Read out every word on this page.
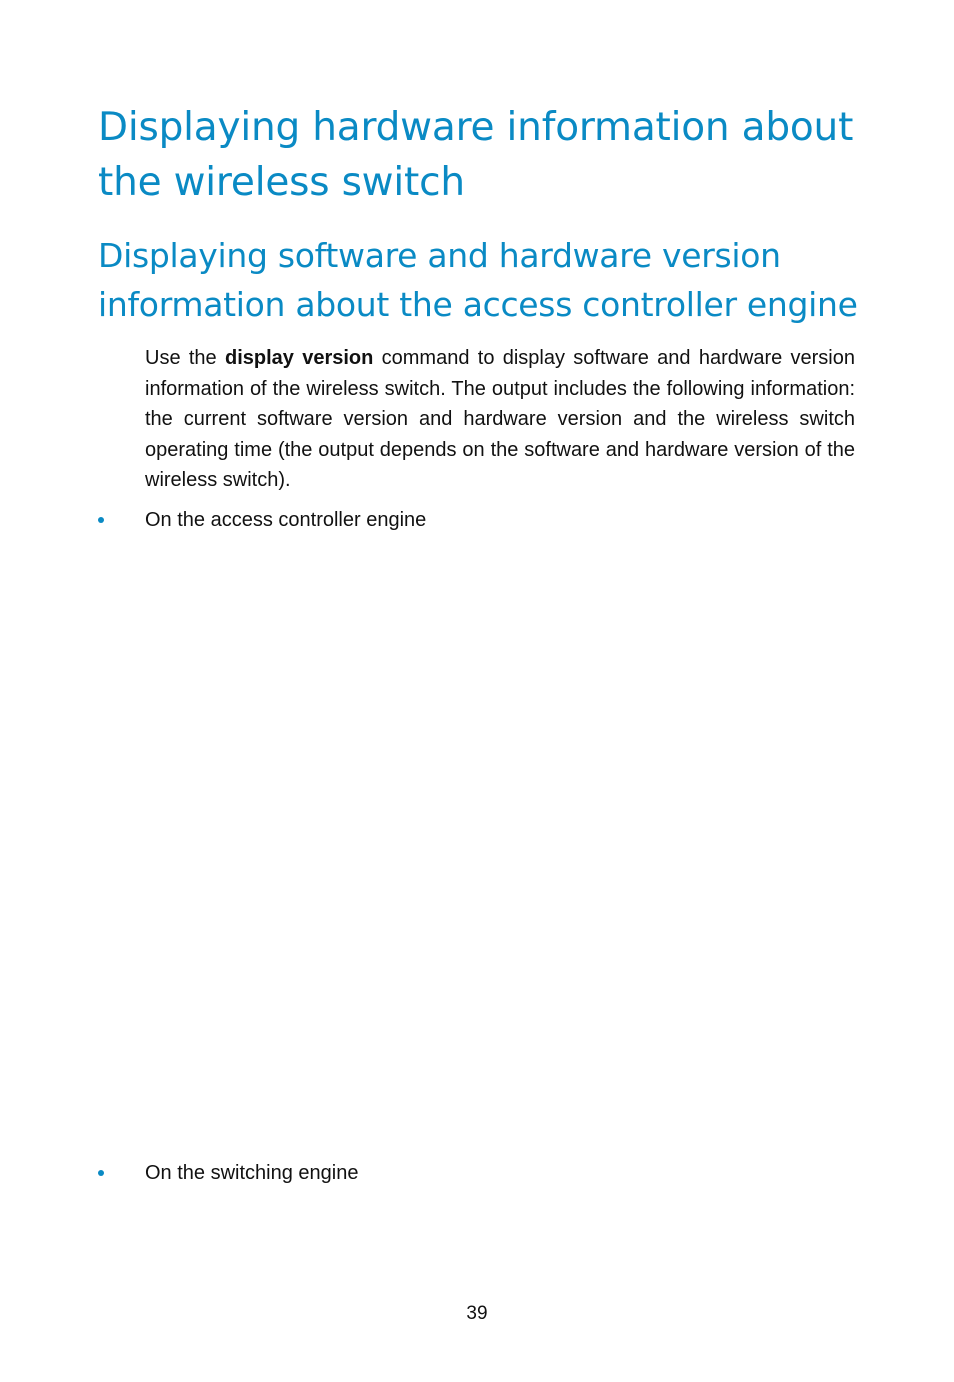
Displaying hardware information about the wireless switch
Displaying software and hardware version information about the access controller engine

Use the display version command to display software and hardware version information of the wireless switch. The output includes the following information: the current software version and hardware version and the wireless switch operating time (the output depends on the software and hardware version of the wireless switch).

On the access controller engine
On the switching engine
39
